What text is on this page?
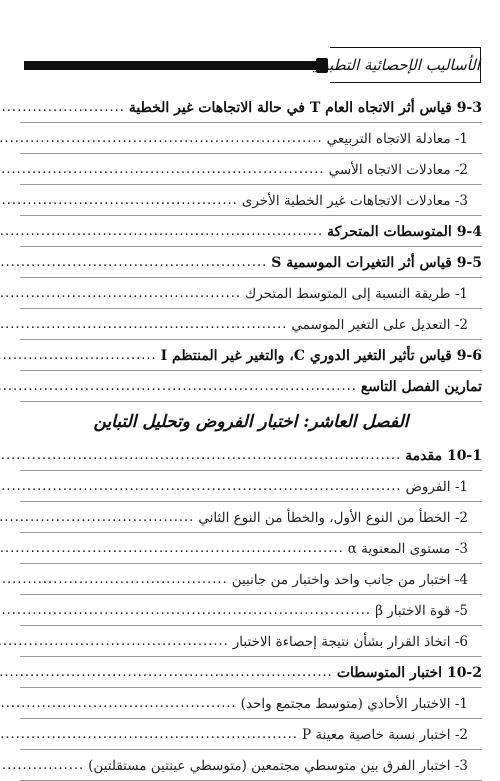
الأساليب الإحصائية التطبيقية
9-3 قياس أثر الاتجاه العام T في حالة الاتجاهات غير الخطية
.....
1- معادلة الاتجاه التربيعي
.....
2- معادلات الاتجاه الأسي
.....
3- معادلات الاتجاهات غير الخطية الأخرى
.....
9-4 المتوسطات المتحركة
.....
9-5 قياس أثر التغيرات الموسمية S
.....
1- طريقة النسبة إلى المتوسط المتحرك
.....
2- التعديل على التغير الموسمي
.....
9-6 قياس تأثير التغير الدوري C، والتغير غير المنتظم I
.....
تمارين الفصل التاسع
.....
الفصل العاشر: اختبار الفروض وتحليل التباين
10-1 مقدمة
.....
1- الفروض
.....
2- الخطأ من النوع الأول، والخطأ من النوع الثاني
.....
3- مستوى المعنوية α
.....
4- اختبار من جانب واحد واختبار من جانبين
.....
5- قوة الاختبار β
.....
6- اتخاذ القرار بشأن نتيجة إحصاءة الاختبار
.....
10-2 اختبار المتوسطات
.....
1- الاختبار الأحادي (متوسط مجتمع واحد)
.....
2- اختبار نسبة خاصية معينة P
.....
3- اختبار الفرق بين متوسطي مجتمعين (متوسطي عينتين مستقلتين)
.....
